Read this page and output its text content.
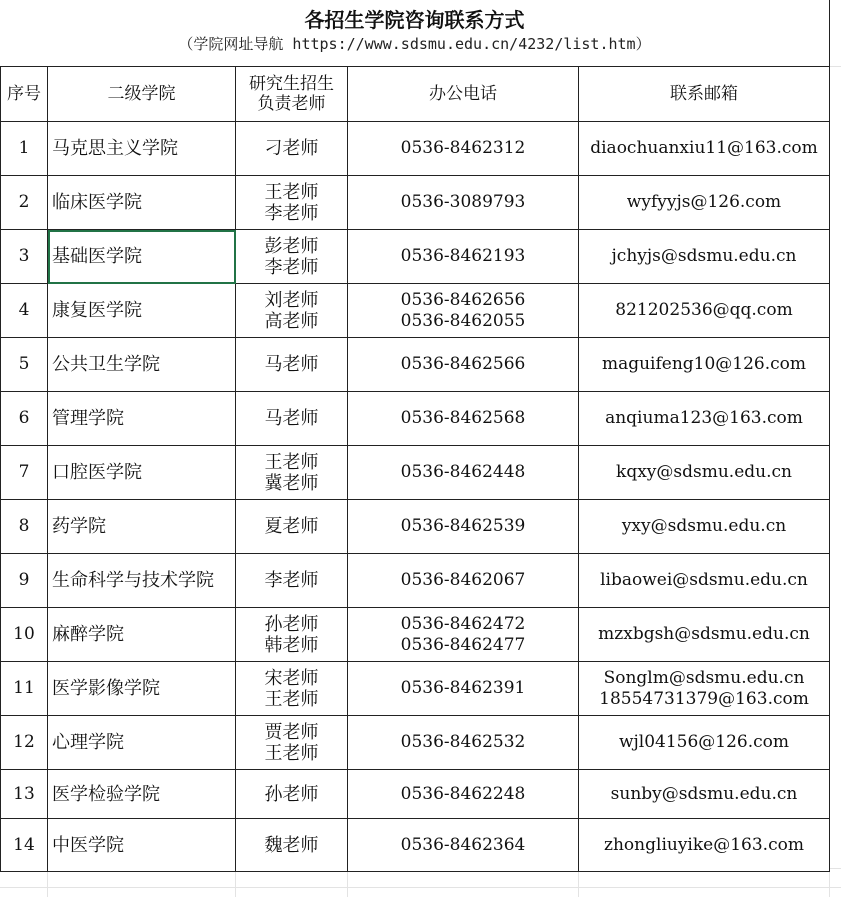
各招生学院咨询联系方式
（学院网址导航 https://www.sdsmu.edu.cn/4232/list.htm）
序号	二级学院	研究生招生
负责老师	办公电话	联系邮箱
1	马克思主义学院	刁老师	0536-8462312	diaochuanxiu11@163.com

2	临床医学院	王老师
李老师	0536-3089793	wyfyyjs@126.com

3	基础医学院	彭老师
李老师	0536-8462193	jchyjs@sdsmu.edu.cn

4	康复医学院	刘老师
高老师	0536-8462656
0536-8462055	821202536@qq.com

5	公共卫生学院	马老师	0536-8462566	maguifeng10@126.com

6	管理学院	马老师	0536-8462568	anqiuma123@163.com

7	口腔医学院	王老师
冀老师	0536-8462448	kqxy@sdsmu.edu.cn

8	药学院	夏老师	0536-8462539	yxy@sdsmu.edu.cn

9	生命科学与技术学院	李老师	0536-8462067	libaowei@sdsmu.edu.cn

10	麻醉学院	孙老师
韩老师	0536-8462472
0536-8462477	mzxbgsh@sdsmu.edu.cn

11	医学影像学院	宋老师
王老师	0536-8462391	Songlm@sdsmu.edu.cn
18554731379@163.com

12	心理学院	贾老师
王老师	0536-8462532	wjl04156@126.com

13	医学检验学院	孙老师	0536-8462248	sunby@sdsmu.edu.cn

14	中医学院	魏老师	0536-8462364	zhongliuyike@163.com
